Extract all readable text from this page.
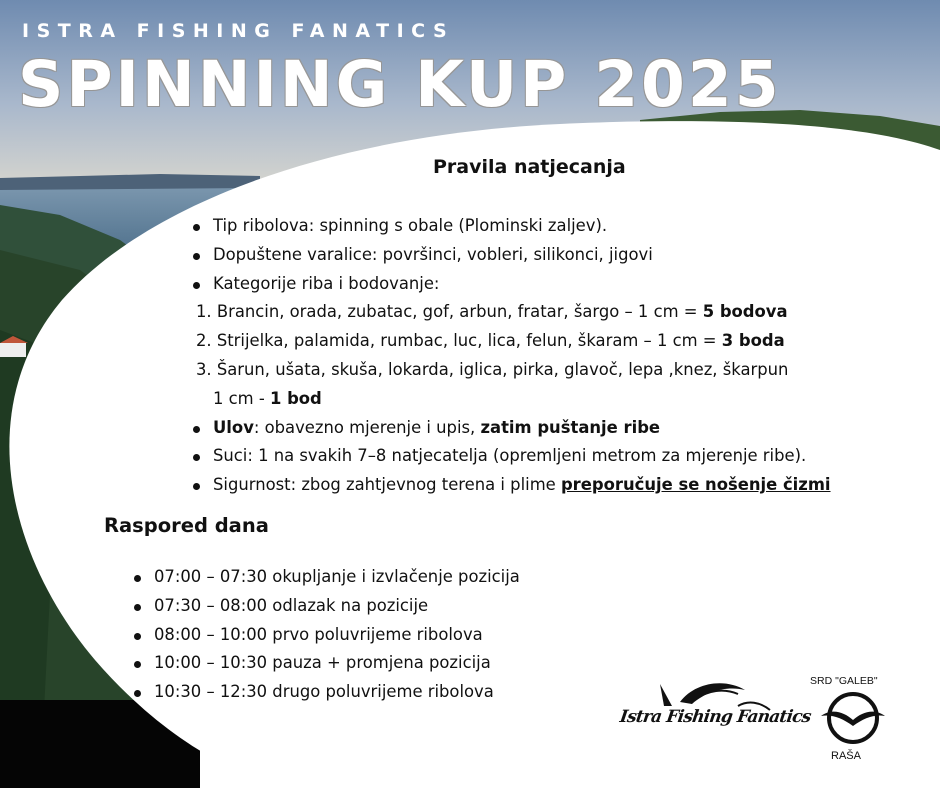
ISTRA FISHING FANATICS
SPINNING KUP 2025
Pravila natjecanja
Tip ribolova: spinning s obale (Plominski zaljev).
Dopuštene varalice: površinci, vobleri, silikonci, jigovi
Kategorije riba i bodovanje:
1. Brancin, orada, zubatac, gof, arbun, fratar, šargo – 1 cm = 5 bodova
2. Strijelka, palamida, rumbac, luc, lica, felun, škaram – 1 cm = 3 boda
3. Šarun, ušata, skuša, lokarda, iglica, pirka, glavoč, lepa ,knez, škarpun
1 cm - 1 bod
Ulov: obavezno mjerenje i upis, zatim puštanje ribe
Suci: 1 na svakih 7–8 natjecatelja (opremljeni metrom za mjerenje ribe).
Sigurnost: zbog zahtjevnog terena i plime preporučuje se nošenje čizmi
Raspored dana
07:00 – 07:30 okupljanje i izvlačenje pozicija
07:30 – 08:00 odlazak na pozicije
08:00 – 10:00 prvo poluvrijeme ribolova
10:00 – 10:30 pauza + promjena pozicija
10:30 – 12:30 drugo poluvrijeme ribolova
Istra Fishing Fanatics
SRD "GALEB"
RAŠA
